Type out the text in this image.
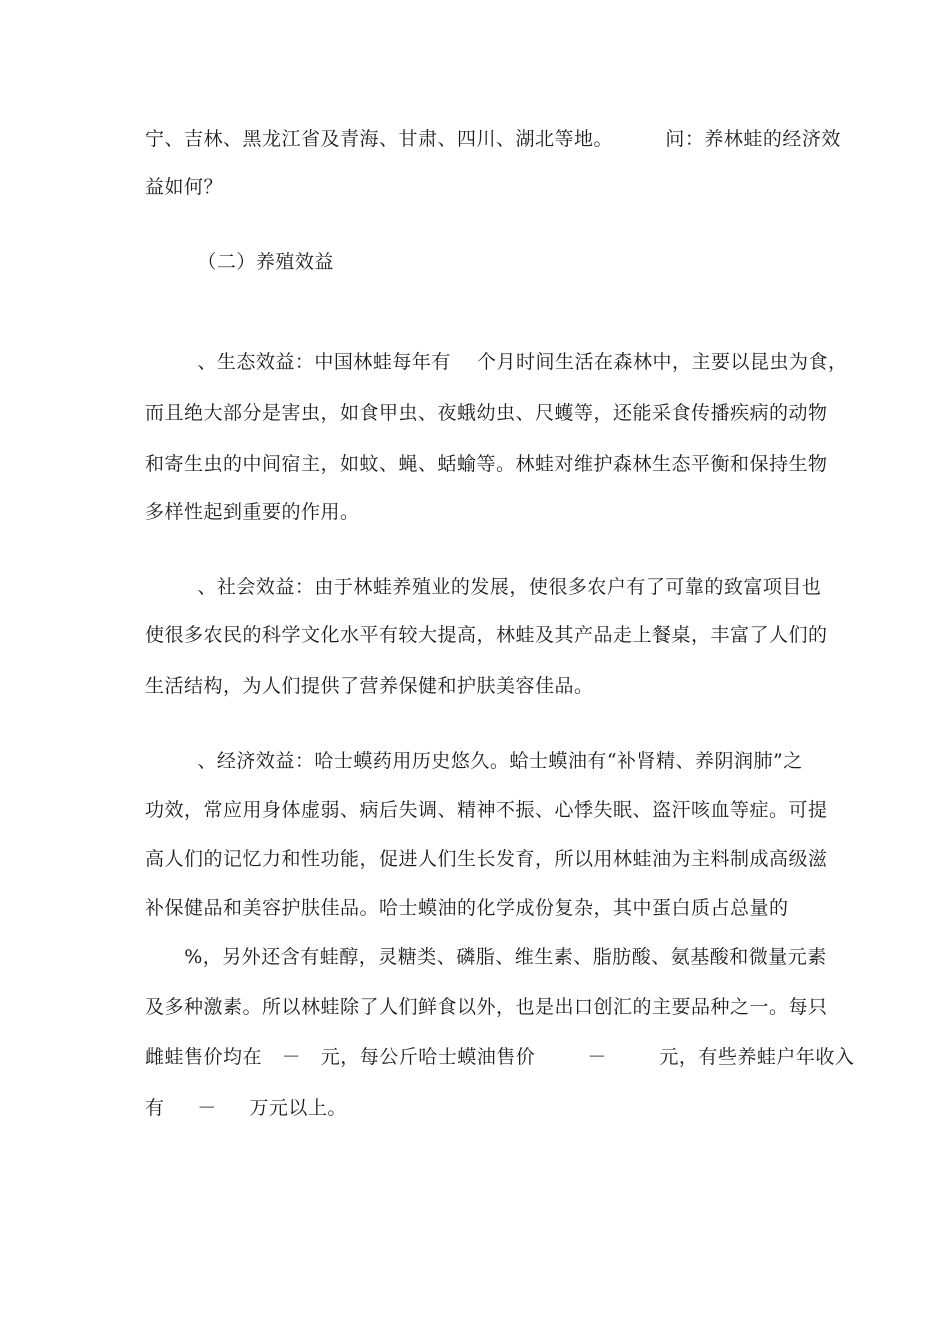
宁、吉林、黑龙江省及青海、甘肃、四川、湖北等地。        问：养林蛙的经济效
益如何？
（二）养殖效益
、生态效益：中国林蛙每年有    个月时间生活在森林中，主要以昆虫为食，
而且绝大部分是害虫，如食甲虫、夜蛾幼虫、尺蠖等，还能采食传播疾病的动物
和寄生虫的中间宿主，如蚊、蝇、蛞蝓等。林蛙对维护森林生态平衡和保持生物
多样性起到重要的作用。
、社会效益：由于林蛙养殖业的发展，使很多农户有了可靠的致富项目也
使很多农民的科学文化水平有较大提高，林蛙及其产品走上餐桌，丰富了人们的
生活结构，为人们提供了营养保健和护肤美容佳品。
、经济效益：哈士蟆药用历史悠久。蛤士蟆油有“补肾精、养阴润肺”之
功效，常应用身体虚弱、病后失调、精神不振、心悸失眠、盗汗咳血等症。可提
高人们的记忆力和性功能，促进人们生长发育，所以用林蛙油为主料制成高级滋
补保健品和美容护肤佳品。哈士蟆油的化学成份复杂，其中蛋白质占总量的
%，另外还含有蛙醇，灵糖类、磷脂、维生素、脂肪酸、氨基酸和微量元素
及多种激素。所以林蛙除了人们鲜食以外，也是出口创汇的主要品种之一。每只
雌蛙售价均在   －   元，每公斤哈士蟆油售价        －        元，有些养蛙户年收入
有     －     万元以上。
